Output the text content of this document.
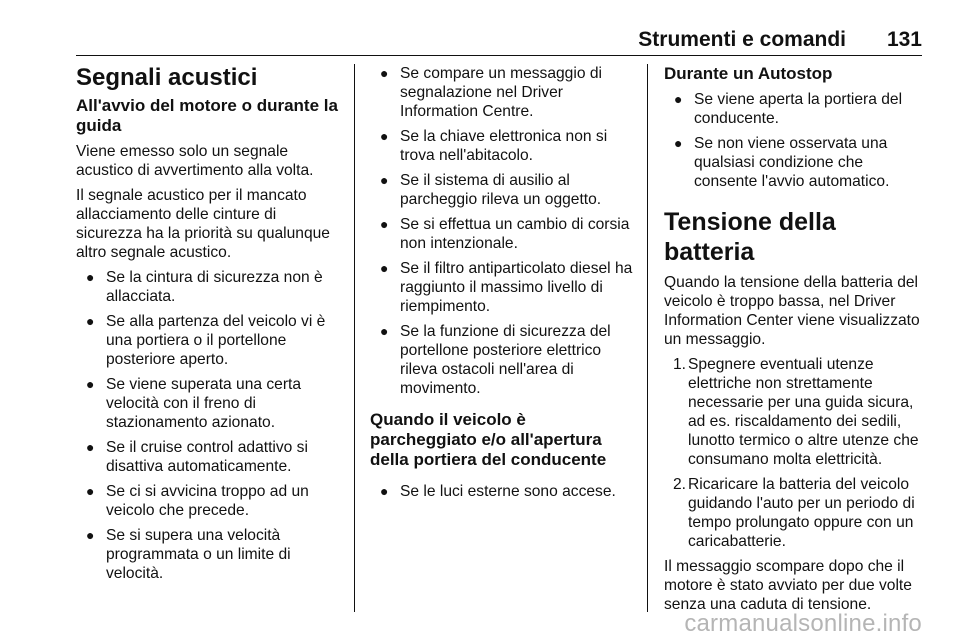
Strumenti e comandi 131
Segnali acustici
All'avvio del motore o durante la guida
Viene emesso solo un segnale acustico di avvertimento alla volta.
Il segnale acustico per il mancato allacciamento delle cinture di sicurezza ha la priorità su qualunque altro segnale acustico.
● Se la cintura di sicurezza non è allacciata.
● Se alla partenza del veicolo vi è una portiera o il portellone posteriore aperto.
● Se viene superata una certa velocità con il freno di stazionamento azionato.
● Se il cruise control adattivo si disattiva automaticamente.
● Se ci si avvicina troppo ad un veicolo che precede.
● Se si supera una velocità programmata o un limite di velocità.
● Se compare un messaggio di segnalazione nel Driver Information Centre.
● Se la chiave elettronica non si trova nell'abitacolo.
● Se il sistema di ausilio al parcheggio rileva un oggetto.
● Se si effettua un cambio di corsia non intenzionale.
● Se il filtro antiparticolato diesel ha raggiunto il massimo livello di riempimento.
● Se la funzione di sicurezza del portellone posteriore elettrico rileva ostacoli nell'area di movimento.
Quando il veicolo è parcheggiato e/o all'apertura della portiera del conducente
● Se le luci esterne sono accese.
Durante un Autostop
● Se viene aperta la portiera del conducente.
● Se non viene osservata una qualsiasi condizione che consente l'avvio automatico.
Tensione della batteria
Quando la tensione della batteria del veicolo è troppo bassa, nel Driver Information Center viene visualizzato un messaggio.
1. Spegnere eventuali utenze elettriche non strettamente necessarie per una guida sicura, ad es. riscaldamento dei sedili, lunotto termico o altre utenze che consumano molta elettricità.
2. Ricaricare la batteria del veicolo guidando l'auto per un periodo di tempo prolungato oppure con un caricabatterie.
Il messaggio scompare dopo che il motore è stato avviato per due volte senza una caduta di tensione.
carmanualsonline.info
